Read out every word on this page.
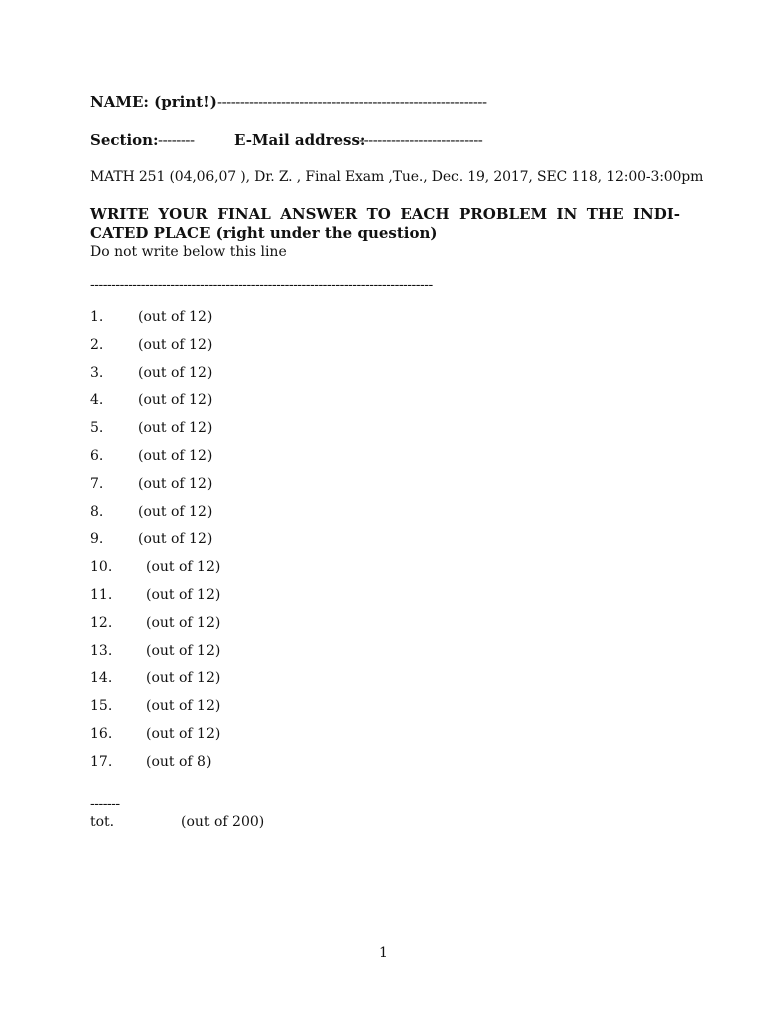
NAME: (print!) -----------------------------------------------------------
Section: --------	E-Mail address:
---------------------------
MATH 251 (04,06,07 ), Dr. Z. , Final Exam ,Tue., Dec. 19, 2017, SEC 118, 12:00-3:00pm
WRITE YOUR FINAL ANSWER TO EACH PROBLEM IN THE INDI-CATED PLACE (right under the question)
Do not write below this line
---------------------------------------------------------------------------------
1. (out of 12)
2. (out of 12)
3. (out of 12)
4. (out of 12)
5. (out of 12)
6. (out of 12)
7. (out of 12)
8. (out of 12)
9. (out of 12)
10. (out of 12)
11. (out of 12)
12. (out of 12)
13. (out of 12)
14. (out of 12)
15. (out of 12)
16. (out of 12)
17. (out of 8)
-------
tot.	(out of 200)
1
